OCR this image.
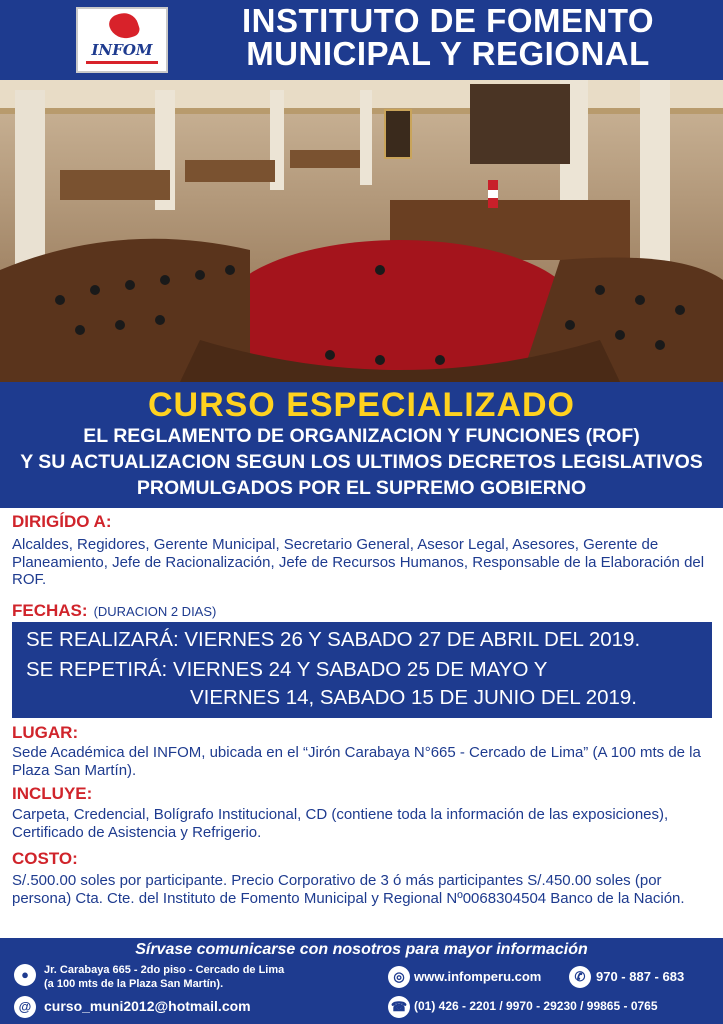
INFOM
INSTITUTO DE FOMENTO
MUNICIPAL Y REGIONAL
CURSO ESPECIALIZADO
EL REGLAMENTO DE ORGANIZACION Y FUNCIONES (ROF)
Y SU ACTUALIZACION SEGUN LOS ULTIMOS DECRETOS LEGISLATIVOS
PROMULGADOS POR EL SUPREMO GOBIERNO
DIRIGÍDO A:
Alcaldes, Regidores, Gerente Municipal, Secretario General, Asesor Legal, Asesores, Gerente de Planeamiento, Jefe de Racionalización, Jefe de Recursos Humanos, Responsable de la Elaboración del ROF.
FECHAS: (DURACION 2 DIAS)
SE REALIZARÁ: VIERNES 26 Y SABADO 27 DE ABRIL DEL 2019.
SE REPETIRÁ: VIERNES 24 Y SABADO 25 DE MAYO Y
VIERNES 14, SABADO 15 DE JUNIO DEL 2019.
LUGAR:
Sede Académica del INFOM, ubicada en el “Jirón Carabaya N°665 - Cercado de Lima” (A 100 mts de la Plaza San Martín).
INCLUYE:
Carpeta, Credencial, Bolígrafo Institucional, CD (contiene toda la información de las exposiciones), Certificado de Asistencia y Refrigerio.
COSTO:
S/.500.00 soles por participante. Precio Corporativo de 3 ó más participantes S/.450.00 soles (por persona) Cta. Cte. del Instituto de Fomento Municipal y Regional Nº0068304504 Banco de la Nación.
Sírvase comunicarse con nosotros para mayor información
●	Jr. Carabaya 665 - 2do piso - Cercado de Lima
(a 100 mts de la Plaza San Martín).	◎ www.infomperu.com	✆ 970 - 887 - 683
@ curso_muni2012@hotmail.com	☎ (01) 426 - 2201 / 9970 - 29230 / 99865 - 0765
